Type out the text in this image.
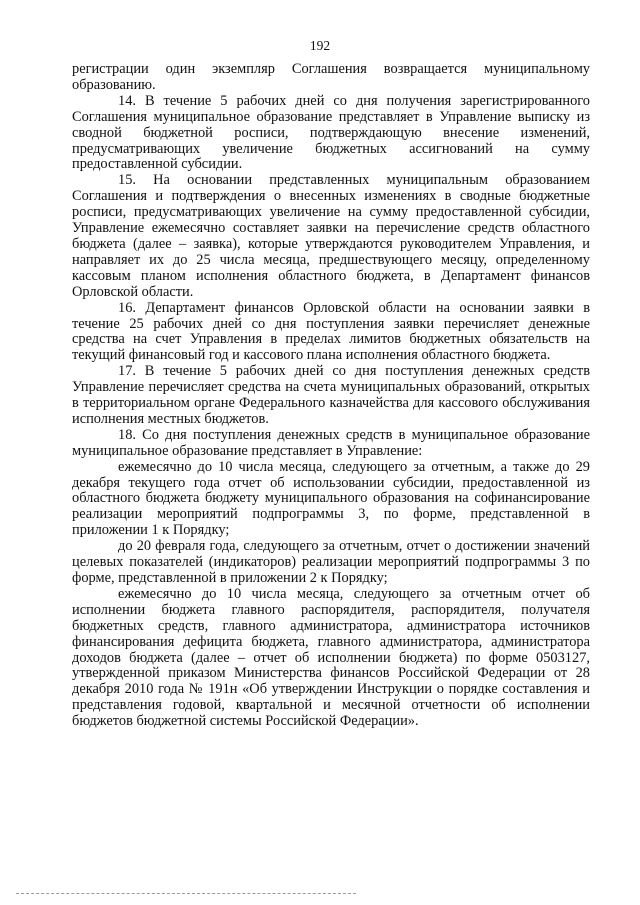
192

регистрации один экземпляр Соглашения возвращается муниципальному образованию.

14. В течение 5 рабочих дней со дня получения зарегистрированного Соглашения муниципальное образование представляет в Управление выписку из сводной бюджетной росписи, подтверждающую внесение изменений, предусматривающих увеличение бюджетных ассигнований на сумму предоставленной субсидии.

15. На основании представленных муниципальным образованием Соглашения и подтверждения о внесенных изменениях в сводные бюджетные росписи, предусматривающих увеличение на сумму предоставленной субсидии, Управление ежемесячно составляет заявки на перечисление средств областного бюджета (далее – заявка), которые утверждаются руководителем Управления, и направляет их до 25 числа месяца, предшествующего месяцу, определенному кассовым планом исполнения областного бюджета, в Департамент финансов Орловской области.

16. Департамент финансов Орловской области на основании заявки в течение 25 рабочих дней со дня поступления заявки перечисляет денежные средства на счет Управления в пределах лимитов бюджетных обязательств на текущий финансовый год и кассового плана исполнения областного бюджета.

17. В течение 5 рабочих дней со дня поступления денежных средств Управление перечисляет средства на счета муниципальных образований, открытых в территориальном органе Федерального казначейства для кассового обслуживания исполнения местных бюджетов.

18. Со дня поступления денежных средств в муниципальное образование муниципальное образование представляет в Управление:

ежемесячно до 10 числа месяца, следующего за отчетным, а также до 29 декабря текущего года отчет об использовании субсидии, предоставленной из областного бюджета бюджету муниципального образования на софинансирование реализации мероприятий подпрограммы 3, по форме, представленной в приложении 1 к Порядку;

до 20 февраля года, следующего за отчетным, отчет о достижении значений целевых показателей (индикаторов) реализации мероприятий подпрограммы 3 по форме, представленной в приложении 2 к Порядку;

ежемесячно до 10 числа месяца, следующего за отчетным отчет об исполнении бюджета главного распорядителя, распорядителя, получателя бюджетных средств, главного администратора, администратора источников финансирования дефицита бюджета, главного администратора, администратора доходов бюджета (далее – отчет об исполнении бюджета) по форме 0503127, утвержденной приказом Министерства финансов Российской Федерации от 28 декабря 2010 года № 191н «Об утверждении Инструкции о порядке составления и представления годовой, квартальной и месячной отчетности об исполнении бюджетов бюджетной системы Российской Федерации».
